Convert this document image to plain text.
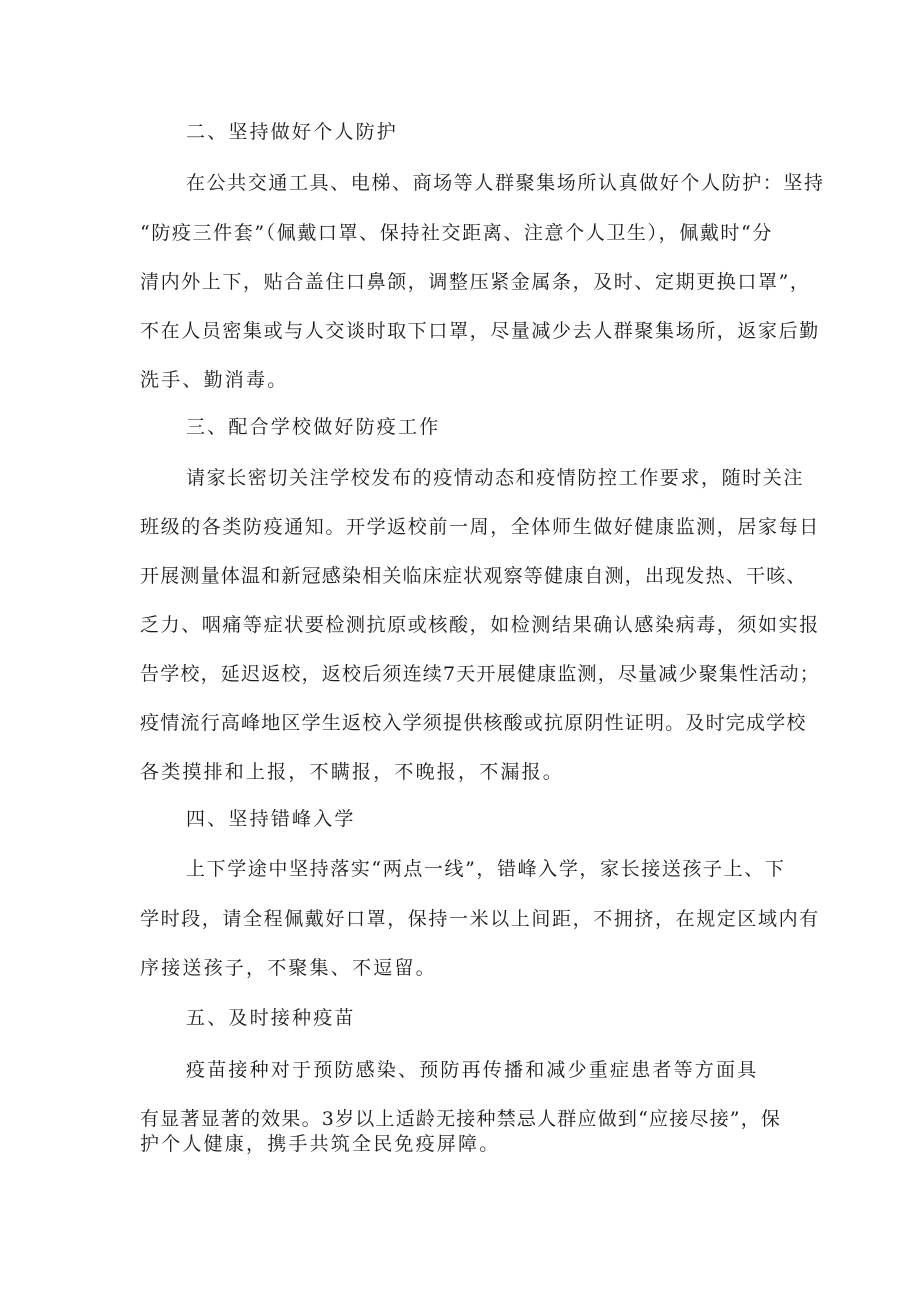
二、坚持做好个人防护
在公共交通工具、电梯、商场等人群聚集场所认真做好个人防护：坚持
“防疫三件套”（佩戴口罩、保持社交距离、注意个人卫生），佩戴时“分
清内外上下，贴合盖住口鼻颌，调整压紧金属条，及时、定期更换口罩”，
不在人员密集或与人交谈时取下口罩，尽量减少去人群聚集场所，返家后勤
洗手、勤消毒。
三、配合学校做好防疫工作
请家长密切关注学校发布的疫情动态和疫情防控工作要求，随时关注
班级的各类防疫通知。开学返校前一周，全体师生做好健康监测，居家每日
开展测量体温和新冠感染相关临床症状观察等健康自测，出现发热、干咳、
乏力、咽痛等症状要检测抗原或核酸，如检测结果确认感染病毒，须如实报
告学校，延迟返校，返校后须连续7天开展健康监测，尽量减少聚集性活动；
疫情流行高峰地区学生返校入学须提供核酸或抗原阴性证明。及时完成学校
各类摸排和上报，不瞒报，不晚报，不漏报。
四、坚持错峰入学
上下学途中坚持落实“两点一线”，错峰入学，家长接送孩子上、下
学时段，请全程佩戴好口罩，保持一米以上间距，不拥挤，在规定区域内有
序接送孩子，不聚集、不逗留。
五、及时接种疫苗
疫苗接种对于预防感染、预防再传播和减少重症患者等方面具
有显著显著的效果。3岁以上适龄无接种禁忌人群应做到“应接尽接”，保
护个人健康，携手共筑全民免疫屏障。
